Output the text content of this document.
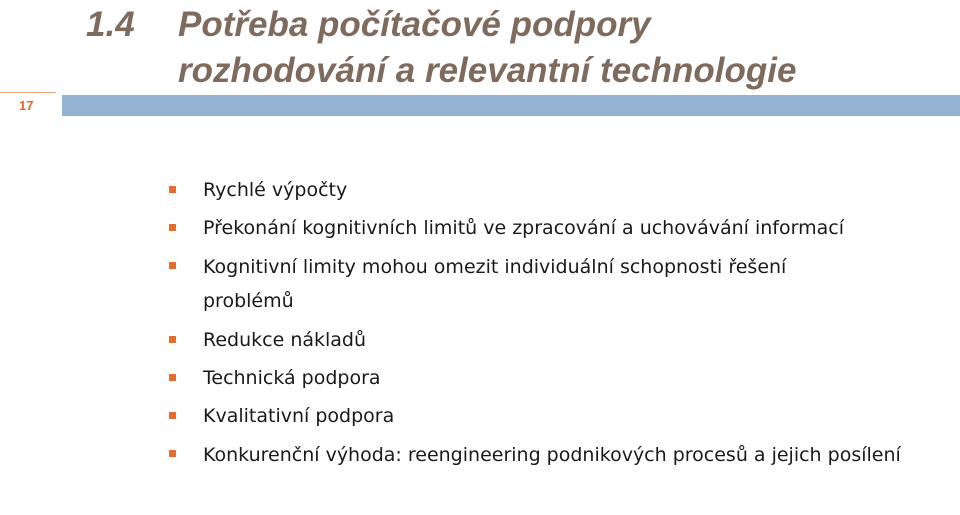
1.4	Potřeba počítačové podpory
rozhodování a relevantní technologie
17
Rychlé výpočty
Překonání kognitivních limitů ve zpracování a uchovávání informací
Kognitivní limity mohou omezit individuální schopnosti řešení problémů
Redukce nákladů
Technická podpora
Kvalitativní podpora
Konkurenční výhoda: reengineering podnikových procesů a jejich posílení
